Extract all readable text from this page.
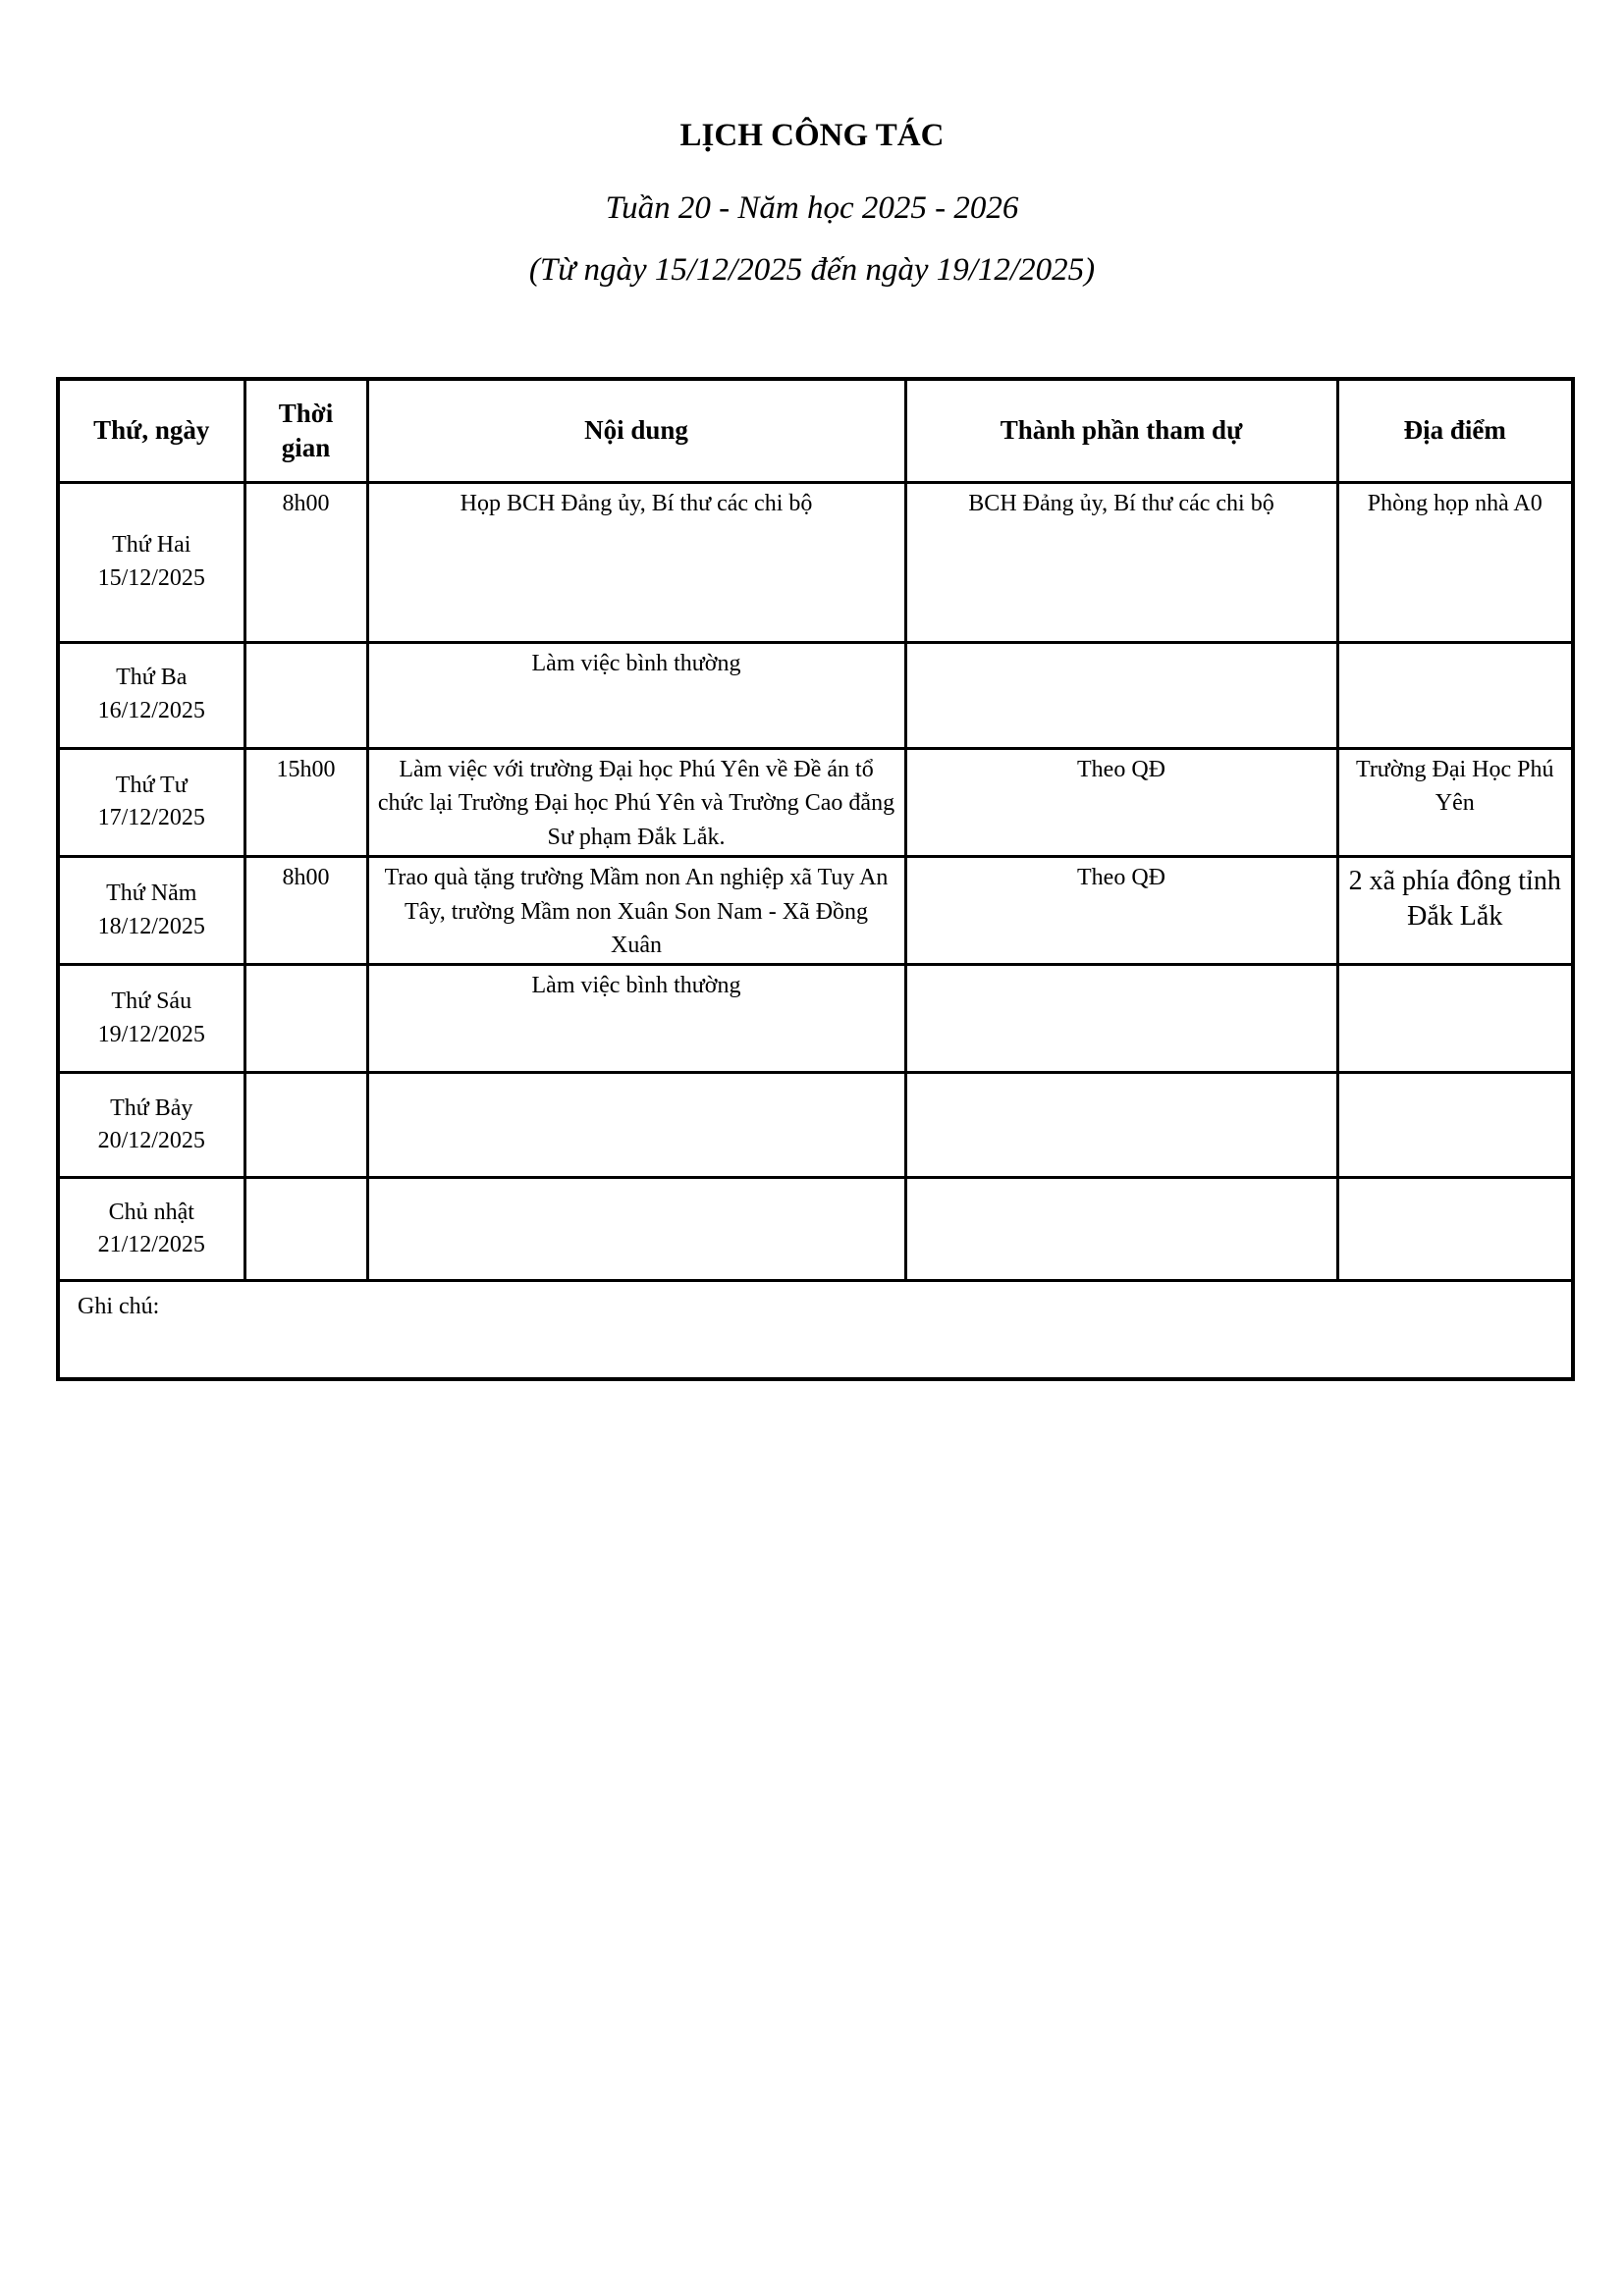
LỊCH CÔNG TÁC

Tuần 20 - Năm học 2025 - 2026

(Từ ngày 15/12/2025 đến ngày 19/12/2025)

Thứ, ngày	Thời gian	Nội dung	Thành phần tham dự	Địa điểm

Thứ Hai
15/12/2025	8h00	Họp BCH Đảng ủy, Bí thư các chi bộ	BCH Đảng ủy, Bí thư các chi bộ	Phòng họp nhà A0

Thứ Ba
16/12/2025		Làm việc bình thường		

Thứ Tư
17/12/2025	15h00	Làm việc với trường Đại học Phú Yên về Đề án tổ chức lại Trường Đại học Phú Yên và Trường Cao đẳng Sư phạm Đắk Lắk.	Theo QĐ	Trường Đại Học Phú Yên

Thứ Năm
18/12/2025	8h00	Trao quà tặng trường Mầm non An nghiệp xã Tuy An Tây, trường Mầm non Xuân Son Nam - Xã Đồng Xuân	Theo QĐ	2 xã phía đông tỉnh Đắk Lắk

Thứ Sáu
19/12/2025		Làm việc bình thường		

Thứ Bảy
20/12/2025				

Chủ nhật
21/12/2025				

Ghi chú:				
